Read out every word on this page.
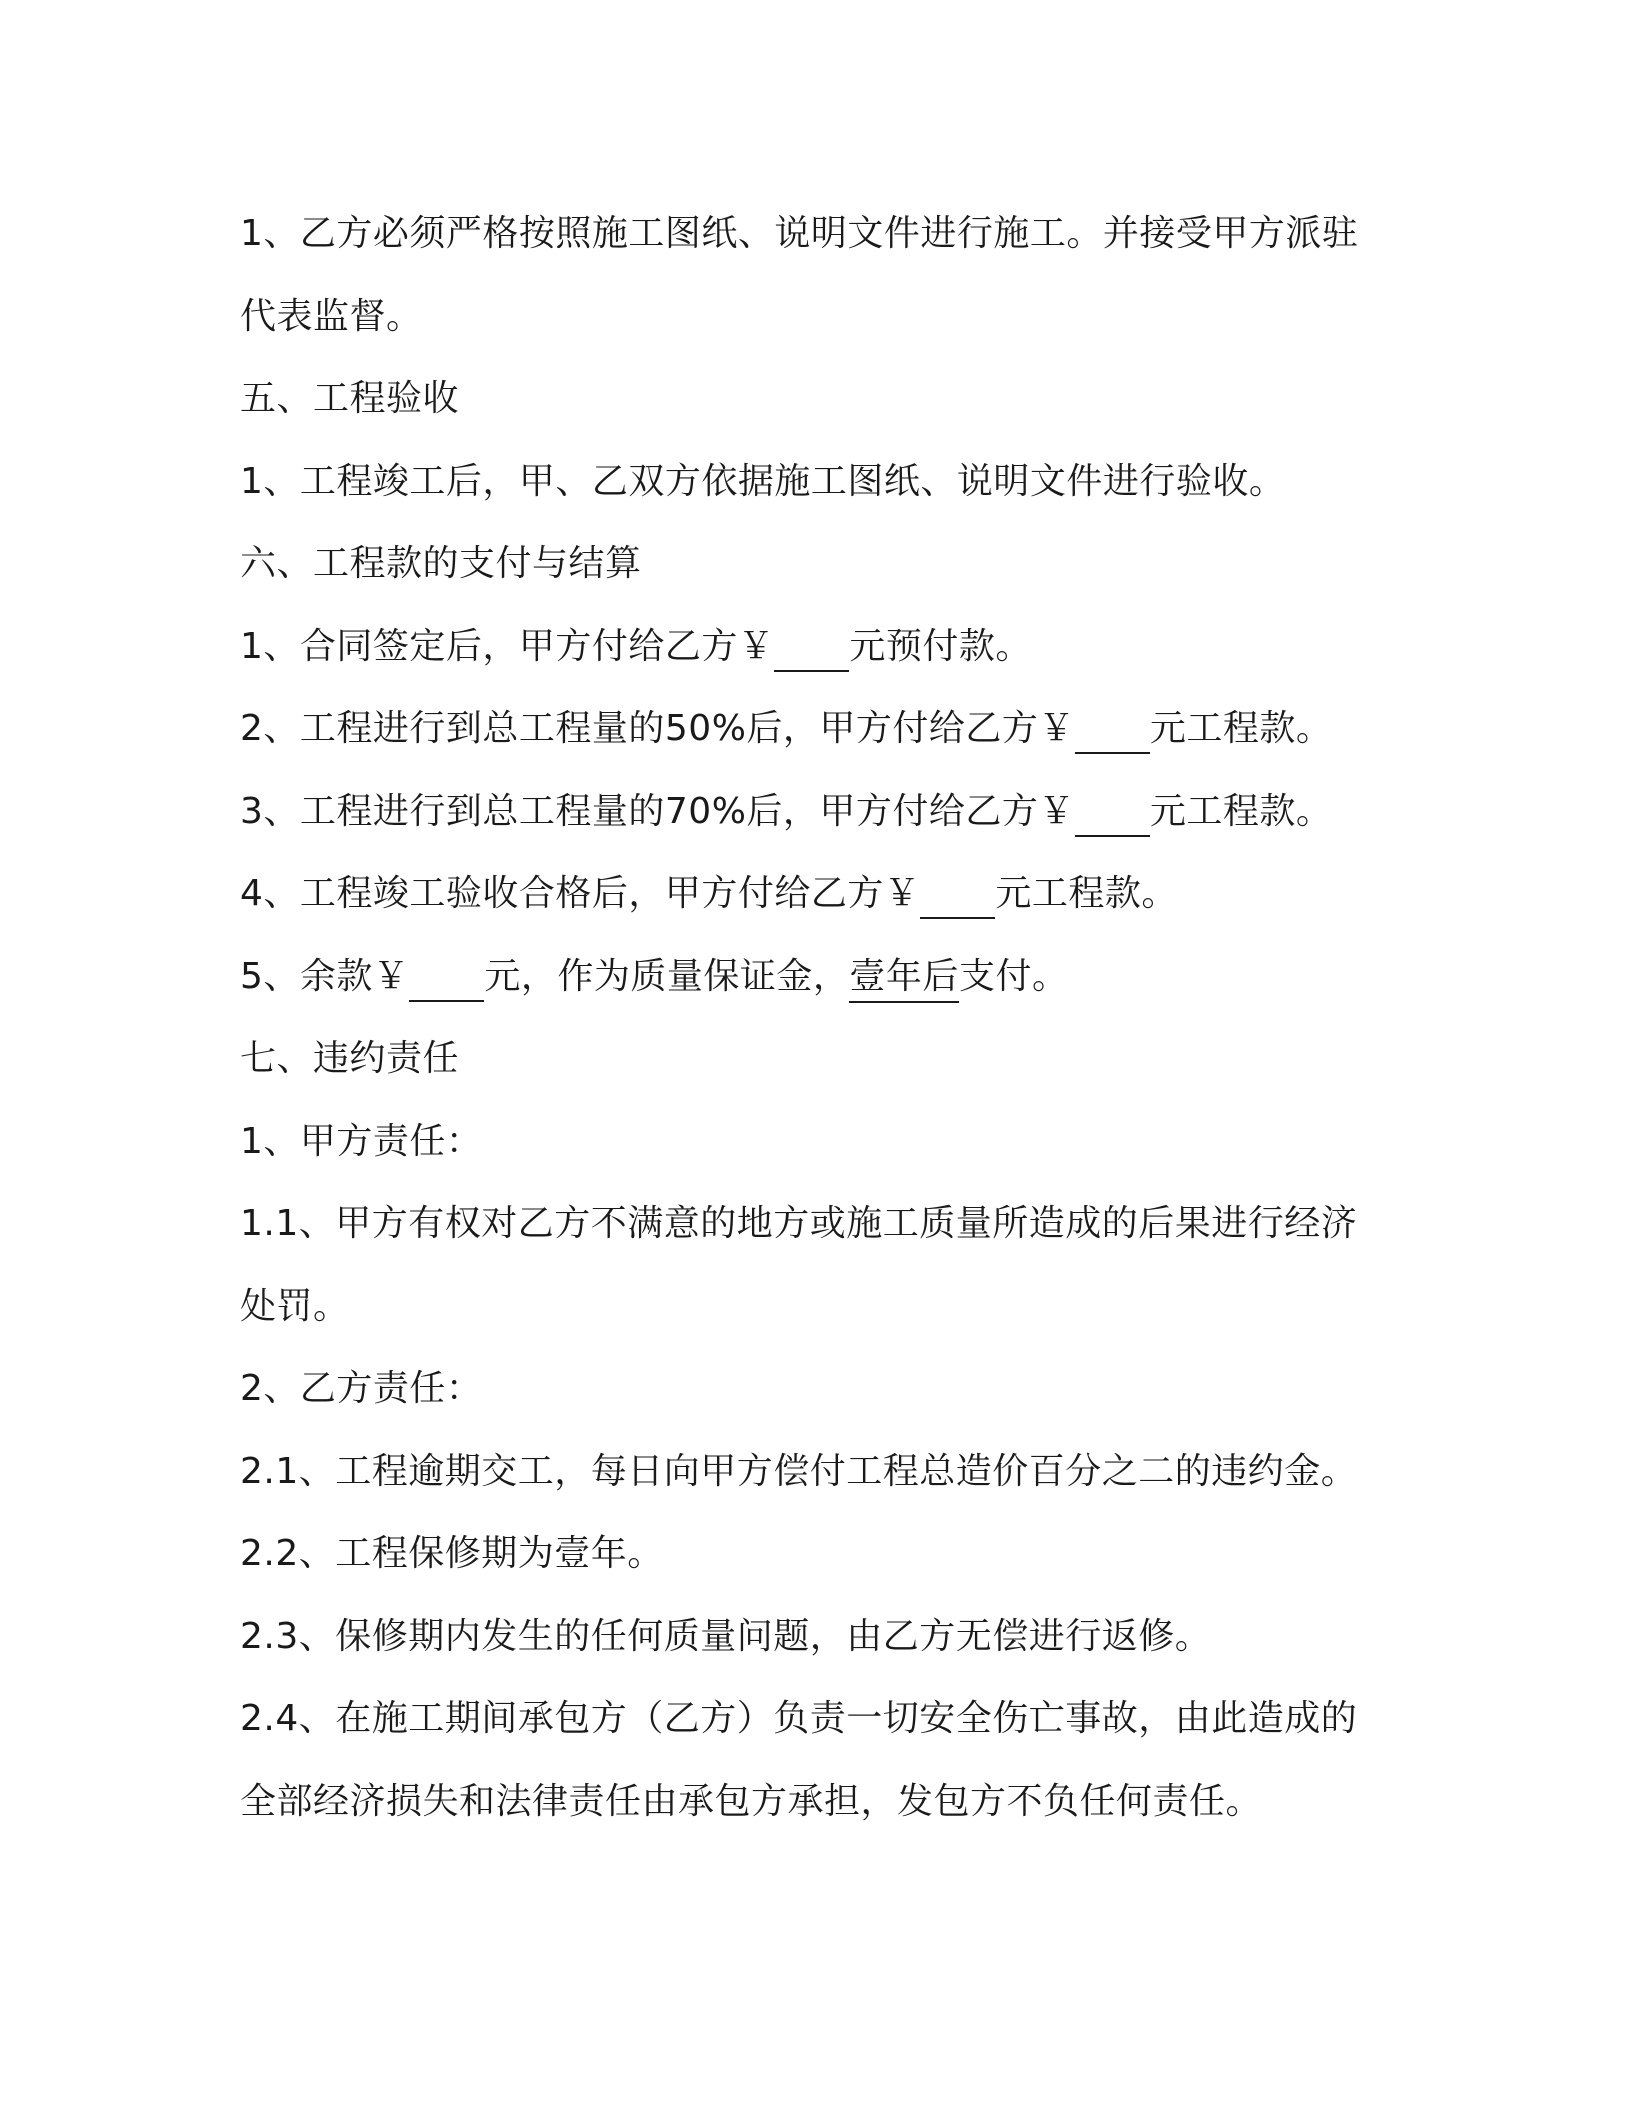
1、乙方必须严格按照施工图纸、说明文件进行施工。并接受甲方派驻
代表监督。
五、工程验收
1、工程竣工后，甲、乙双方依据施工图纸、说明文件进行验收。
六、工程款的支付与结算
1、合同签定后，甲方付给乙方￥ 元预付款。
2、工程进行到总工程量的50%后，甲方付给乙方￥ 元工程款。
3、工程进行到总工程量的70%后，甲方付给乙方￥ 元工程款。
4、工程竣工验收合格后，甲方付给乙方￥ 元工程款。
5、余款￥ 元，作为质量保证金，壹年后支付。
七、违约责任
1、甲方责任：
1.1、甲方有权对乙方不满意的地方或施工质量所造成的后果进行经济
处罚。
2、乙方责任：
2.1、工程逾期交工，每日向甲方偿付工程总造价百分之二的违约金。
2.2、工程保修期为壹年。
2.3、保修期内发生的任何质量问题，由乙方无偿进行返修。
2.4、在施工期间承包方（乙方）负责一切安全伤亡事故，由此造成的
全部经济损失和法律责任由承包方承担，发包方不负任何责任。
